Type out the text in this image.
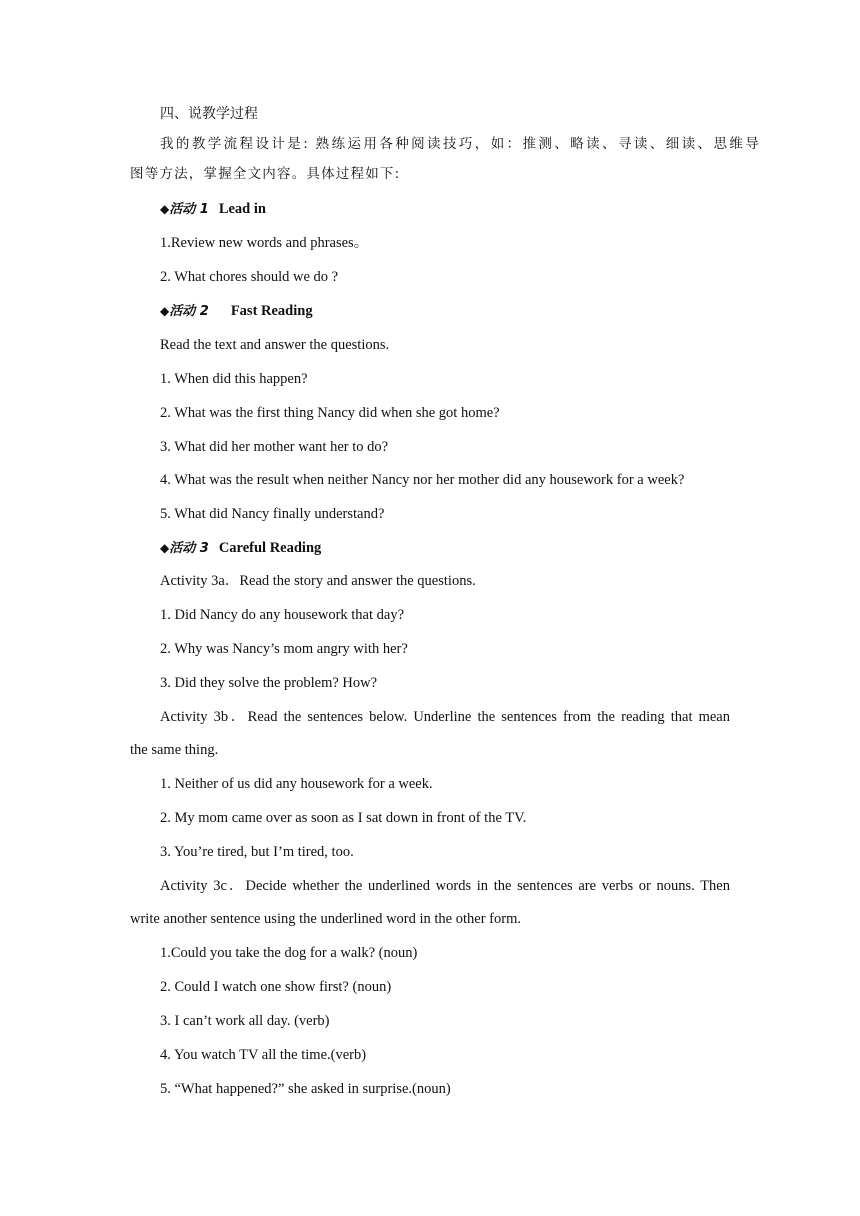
四、说教学过程
我的教学流程设计是: 熟练运用各种阅读技巧，如：推测、略读、寻读、细读、思维导
图等方法，掌握全文内容。具体过程如下:
◆活动 1 Lead in
1.Review new words and phrases。
2. What chores should we do ?
◆活动 2 Fast Reading
Read the text and answer the questions.
1. When did this happen?
2. What was the first thing Nancy did when she got home?
3. What did her mother want her to do?
4. What was the result when neither Nancy nor her mother did any housework for a week?
5. What did Nancy finally understand?
◆活动 3 Careful Reading
Activity 3a．Read the story and answer the questions.
1. Did Nancy do any housework that day?
2. Why was Nancy’s mom angry with her?
3. Did they solve the problem? How?
Activity 3b．Read the sentences below. Underline the sentences from the reading that mean
the same thing.
1. Neither of us did any housework for a week.
2. My mom came over as soon as I sat down in front of the TV.
3. You’re tired, but I’m tired, too.
Activity 3c．Decide whether the underlined words in the sentences are verbs or nouns. Then
write another sentence using the underlined word in the other form.
1.Could you take the dog for a walk? (noun)
2. Could I watch one show first? (noun)
3. I can’t work all day. (verb)
4. You watch TV all the time.(verb)
5. “What happened?” she asked in surprise.(noun)
